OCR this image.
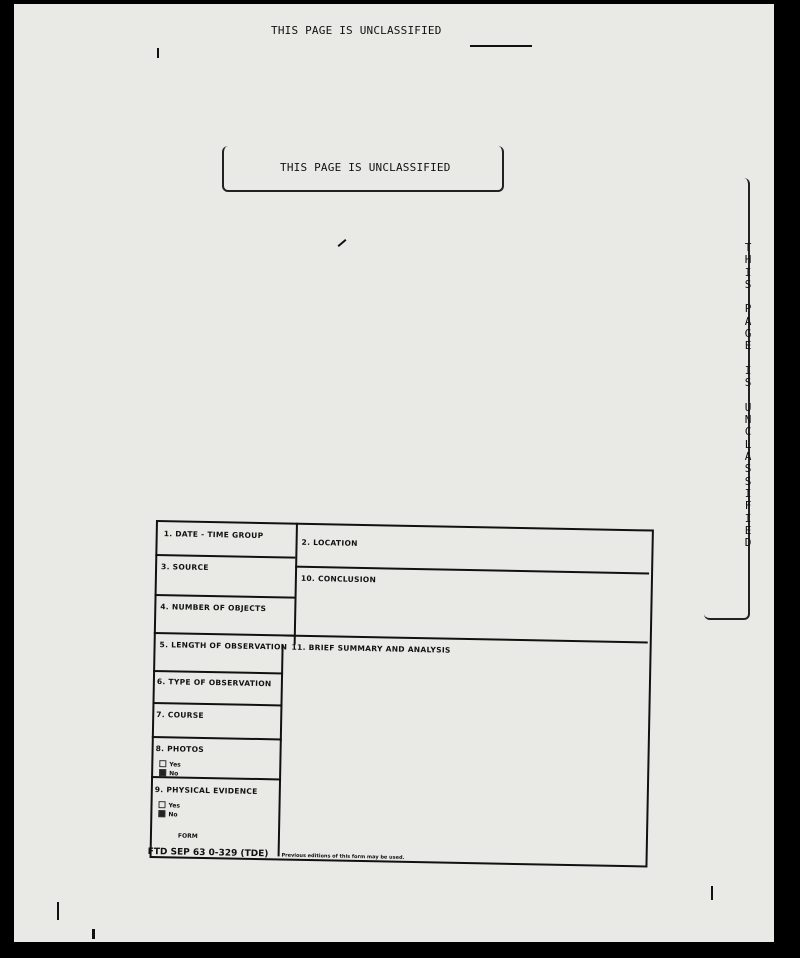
THIS PAGE IS UNCLASSIFIED
THIS PAGE IS UNCLASSIFIED
T
H
I
S

P
A
G
E

I
S

U
N
C
L
A
S
S
I
F
I
E
D
1. DATE - TIME GROUP
2. LOCATION
3. SOURCE
10. CONCLUSION
4. NUMBER OF OBJECTS
5. LENGTH OF OBSERVATION 11. BRIEF SUMMARY AND ANALYSIS
6. TYPE OF OBSERVATION
7. COURSE
8. PHOTOS
Yes
No
9. PHYSICAL EVIDENCE
Yes
No
FORM
FTD SEP 63 0-329 (TDE)	Previous editions of this form may be used.
